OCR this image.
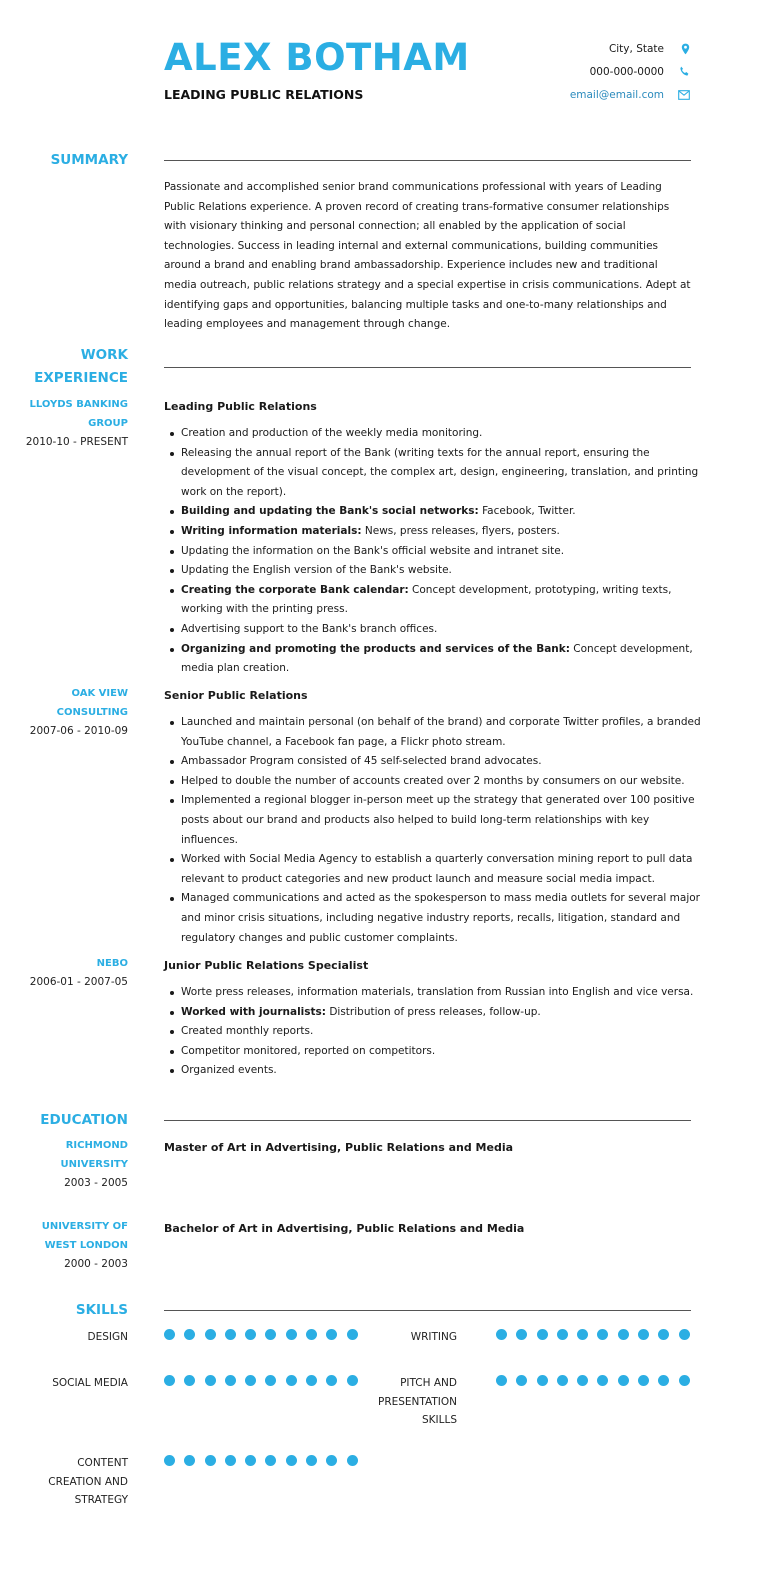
ALEX BOTHAM
LEADING PUBLIC RELATIONS
City, State
000-000-0000
email@email.com
SUMMARY

Passionate and accomplished senior brand communications professional with years of Leading Public Relations experience. A proven record of creating trans-formative consumer relationships with visionary thinking and personal connection; all enabled by the application of social technologies. Success in leading internal and external communications, building communities around a brand and enabling brand ambassadorship. Experience includes new and traditional media outreach, public relations strategy and a special expertise in crisis communications. Adept at identifying gaps and opportunities, balancing multiple tasks and one-to-many relationships and leading employees and management through change.

WORK
EXPERIENCE
LLOYDS BANKING
GROUP
2010-10 - PRESENT
Leading Public Relations
Creation and production of the weekly media monitoring.
Releasing the annual report of the Bank (writing texts for the annual report, ensuring the development of the visual concept, the complex art, design, engineering, translation, and printing work on the report).
Building and updating the Bank's social networks: Facebook, Twitter.
Writing information materials: News, press releases, flyers, posters.
Updating the information on the Bank's official website and intranet site.
Updating the English version of the Bank's website.
Creating the corporate Bank calendar: Concept development, prototyping, writing texts, working with the printing press.
Advertising support to the Bank's branch offices.
Organizing and promoting the products and services of the Bank: Concept development, media plan creation.
OAK VIEW
CONSULTING
2007-06 - 2010-09
Senior Public Relations
Launched and maintain personal (on behalf of the brand) and corporate Twitter profiles, a branded YouTube channel, a Facebook fan page, a Flickr photo stream.
Ambassador Program consisted of 45 self-selected brand advocates.
Helped to double the number of accounts created over 2 months by consumers on our website.
Implemented a regional blogger in-person meet up the strategy that generated over 100 positive posts about our brand and products also helped to build long-term relationships with key influences.
Worked with Social Media Agency to establish a quarterly conversation mining report to pull data relevant to product categories and new product launch and measure social media impact.
Managed communications and acted as the spokesperson to mass media outlets for several major and minor crisis situations, including negative industry reports, recalls, litigation, standard and regulatory changes and public customer complaints.
NEBO
2006-01 - 2007-05
Junior Public Relations Specialist
Worte press releases, information materials, translation from Russian into English and vice versa.
Worked with journalists: Distribution of press releases, follow-up.
Created monthly reports.
Competitor monitored, reported on competitors.
Organized events.
EDUCATION
RICHMOND
UNIVERSITY
2003 - 2005
Master of Art in Advertising, Public Relations and Media
UNIVERSITY OF
WEST LONDON
2000 - 2003
Bachelor of Art in Advertising, Public Relations and Media
SKILLS
DESIGN	WRITING
SOCIAL MEDIA	PITCH AND PRESENTATION SKILLS
CONTENT CREATION AND STRATEGY
